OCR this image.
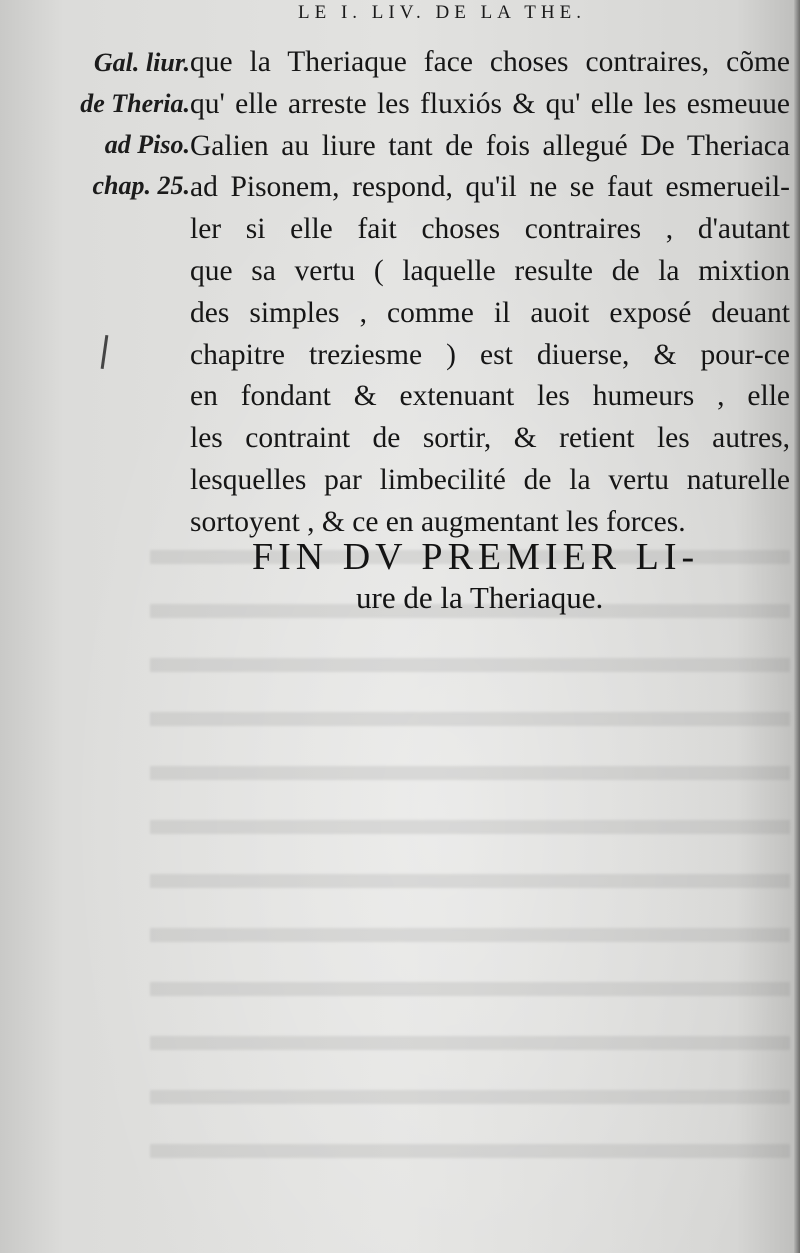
LE I. LIV. DE LA THE.
Gal. liur.
de Theria.
ad Piso.
chap. 25.
que la Theriaque face choses contraires, cõme
qu' elle arreste les fluxiós & qu' elle les esmeuue
Galien au liure tant de fois allegué De Theriaca
ad Pisonem, respond, qu'il ne se faut esmerueil-
ler si elle fait choses contraires , d'autant
que sa vertu ( laquelle resulte de la mixtion
des simples , comme il auoit exposé deuant
chapitre treziesme ) est diuerse, & pour-ce
en fondant & extenuant les humeurs , elle
les contraint de sortir, & retient les autres,
lesquelles par limbecilité de la vertu naturelle
sortoyent , & ce en augmentant les forces.
FIN DV PREMIER LI-
ure de la Theriaque.
